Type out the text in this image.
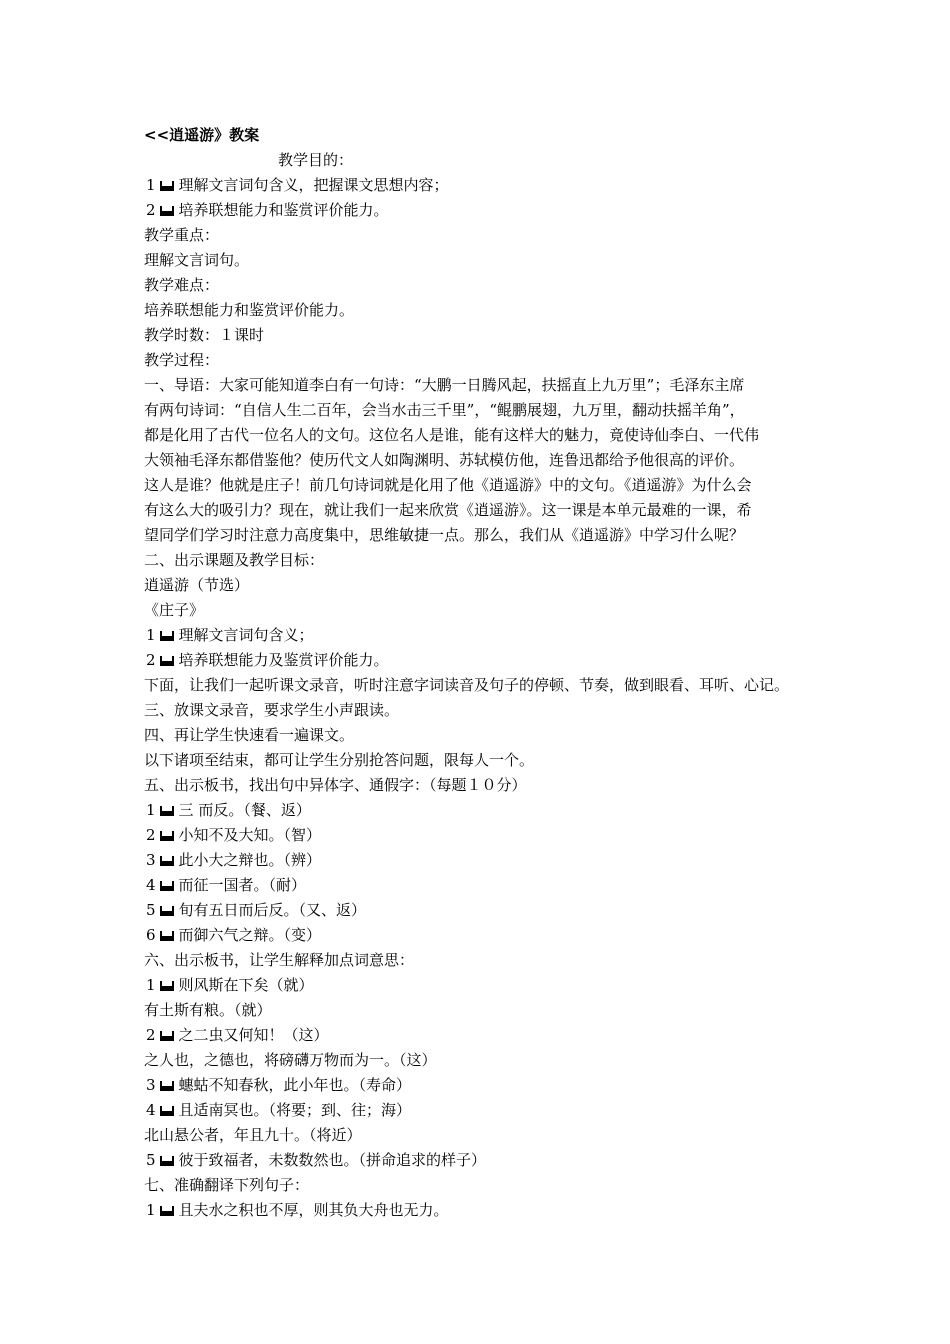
<<逍遥游》教案
教学目的：
1 理解文言词句含义，把握课文思想内容；
2 培养联想能力和鉴赏评价能力。
教学重点：
理解文言词句。
教学难点：
培养联想能力和鉴赏评价能力。
教学时数：１课时
教学过程：
一、导语：大家可能知道李白有一句诗：“大鹏一日腾风起，扶摇直上九万里”；毛泽东主席
有两句诗词：“自信人生二百年，会当水击三千里”，“鲲鹏展翅，九万里，翻动扶摇羊角”，
都是化用了古代一位名人的文句。这位名人是谁，能有这样大的魅力，竟使诗仙李白、一代伟
大领袖毛泽东都借鉴他？使历代文人如陶渊明、苏轼模仿他，连鲁迅都给予他很高的评价。
这人是谁？他就是庄子！前几句诗词就是化用了他《逍遥游》中的文句。《逍遥游》为什么会
有这么大的吸引力？现在，就让我们一起来欣赏《逍遥游》。这一课是本单元最难的一课，希
望同学们学习时注意力高度集中，思维敏捷一点。那么，我们从《逍遥游》中学习什么呢？
二、出示课题及教学目标：
逍遥游（节选）
《庄子》
1 理解文言词句含义；
2 培养联想能力及鉴赏评价能力。
下面，让我们一起听课文录音，听时注意字词读音及句子的停顿、节奏，做到眼看、耳听、心记。
三、放课文录音，要求学生小声跟读。
四、再让学生快速看一遍课文。
以下诸项至结束，都可让学生分别抢答问题，限每人一个。
五、出示板书，找出句中异体字、通假字：（每题１０分）
1 三 而反。（餐、返）
2 小知不及大知。（智）
3 此小大之辩也。（辨）
4 而征一国者。（耐）
5 旬有五日而后反。（又、返）
6 而御六气之辩。（变）
六、出示板书，让学生解释加点词意思：
1 则风斯在下矣（就）
有土斯有粮。（就）
2 之二虫又何知！（这）
之人也，之德也，将磅礴万物而为一。（这）
3 蟪蛄不知春秋，此小年也。（寿命）
4 且适南冥也。（将要；到、往；海）
北山悬公者，年且九十。（将近）
5 彼于致福者，未数数然也。（拼命追求的样子）
七、准确翻译下列句子：
1 且夫水之积也不厚，则其负大舟也无力。
